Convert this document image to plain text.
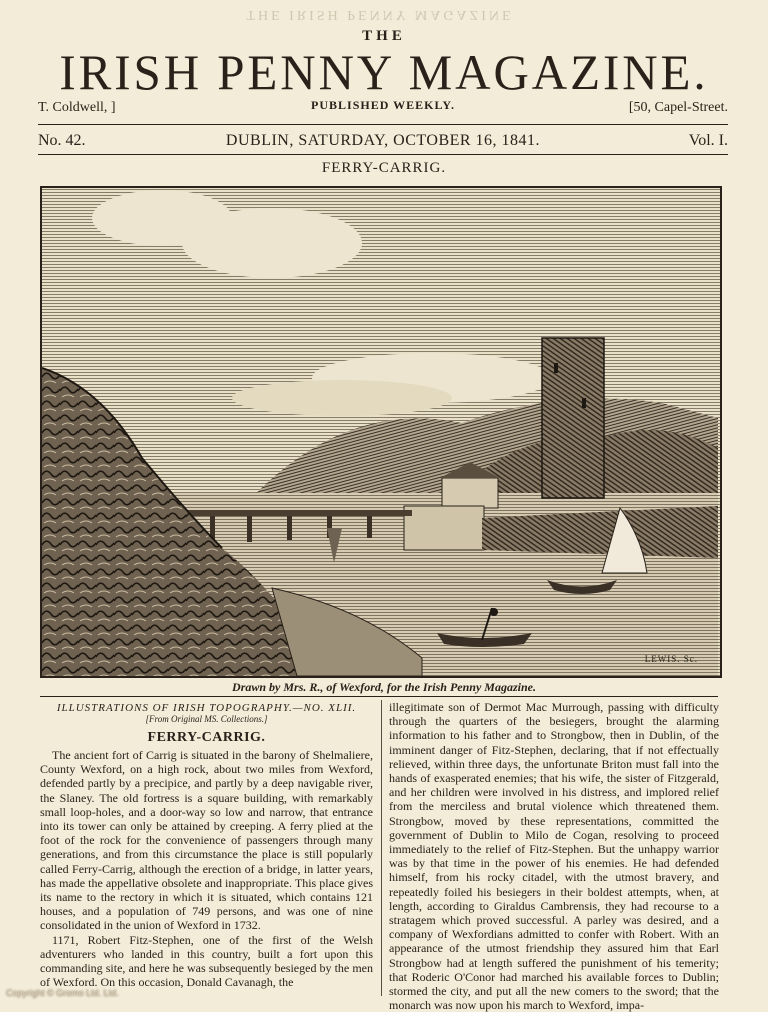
THE IRISH PENNY MAGAZINE
THE
IRISH PENNY MAGAZINE.
T. Coldwell, ]	PUBLISHED WEEKLY.	[50, Capel-Street.
No. 42.	DUBLIN, SATURDAY, OCTOBER 16, 1841.	Vol. I.
FERRY-CARRIG.
LEWIS. Sc.
Drawn by Mrs. R., of Wexford, for the Irish Penny Magazine.
ILLUSTRATIONS OF IRISH TOPOGRAPHY.—NO. XLII.
[From Original MS. Collections.]
FERRY-CARRIG.

The ancient fort of Carrig is situated in the barony of Shelmaliere, County Wexford, on a high rock, about two miles from Wexford, defended partly by a precipice, and partly by a deep navigable river, the Slaney. The old fortress is a square building, with remarkably small loop-holes, and a door-way so low and narrow, that entrance into its tower can only be attained by creeping. A ferry plied at the foot of the rock for the convenience of passengers through many generations, and from this circumstance the place is still popularly called Ferry-Carrig, although the erection of a bridge, in latter years, has made the appellative obsolete and inappropriate. This place gives its name to the rectory in which it is situated, which contains 121 houses, and a population of 749 persons, and was one of nine consolidated in the union of Wexford in 1732.

1171, Robert Fitz-Stephen, one of the first of the Welsh adventurers who landed in this country, built a fort upon this commanding site, and here he was subsequently besieged by the men of Wexford. On this occasion, Donald Cavanagh, the

illegitimate son of Dermot Mac Murrough, passing with difficulty through the quarters of the besiegers, brought the alarming information to his father and to Strongbow, then in Dublin, of the imminent danger of Fitz-Stephen, declaring, that if not effectually relieved, within three days, the unfortunate Briton must fall into the hands of exasperated enemies; that his wife, the sister of Fitzgerald, and her children were involved in his distress, and implored relief from the merciless and brutal violence which threatened them. Strongbow, moved by these representations, committed the government of Dublin to Milo de Cogan, resolving to proceed immediately to the relief of Fitz-Stephen. But the unhappy warrior was by that time in the power of his enemies. He had defended himself, from his rocky citadel, with the utmost bravery, and repeatedly foiled his besiegers in their boldest attempts, when, at length, according to Giraldus Cambrensis, they had recourse to a stratagem which proved successful. A parley was desired, and a company of Wexfordians admitted to confer with Robert. With an appearance of the utmost friendship they assured him that Earl Strongbow had at length suffered the punishment of his temerity; that Roderic O'Conor had marched his available forces to Dublin; stormed the city, and put all the new comers to the sword; that the monarch was now upon his march to Wexford, impa-

Copyright © Gromo Ltd. Ltd.
